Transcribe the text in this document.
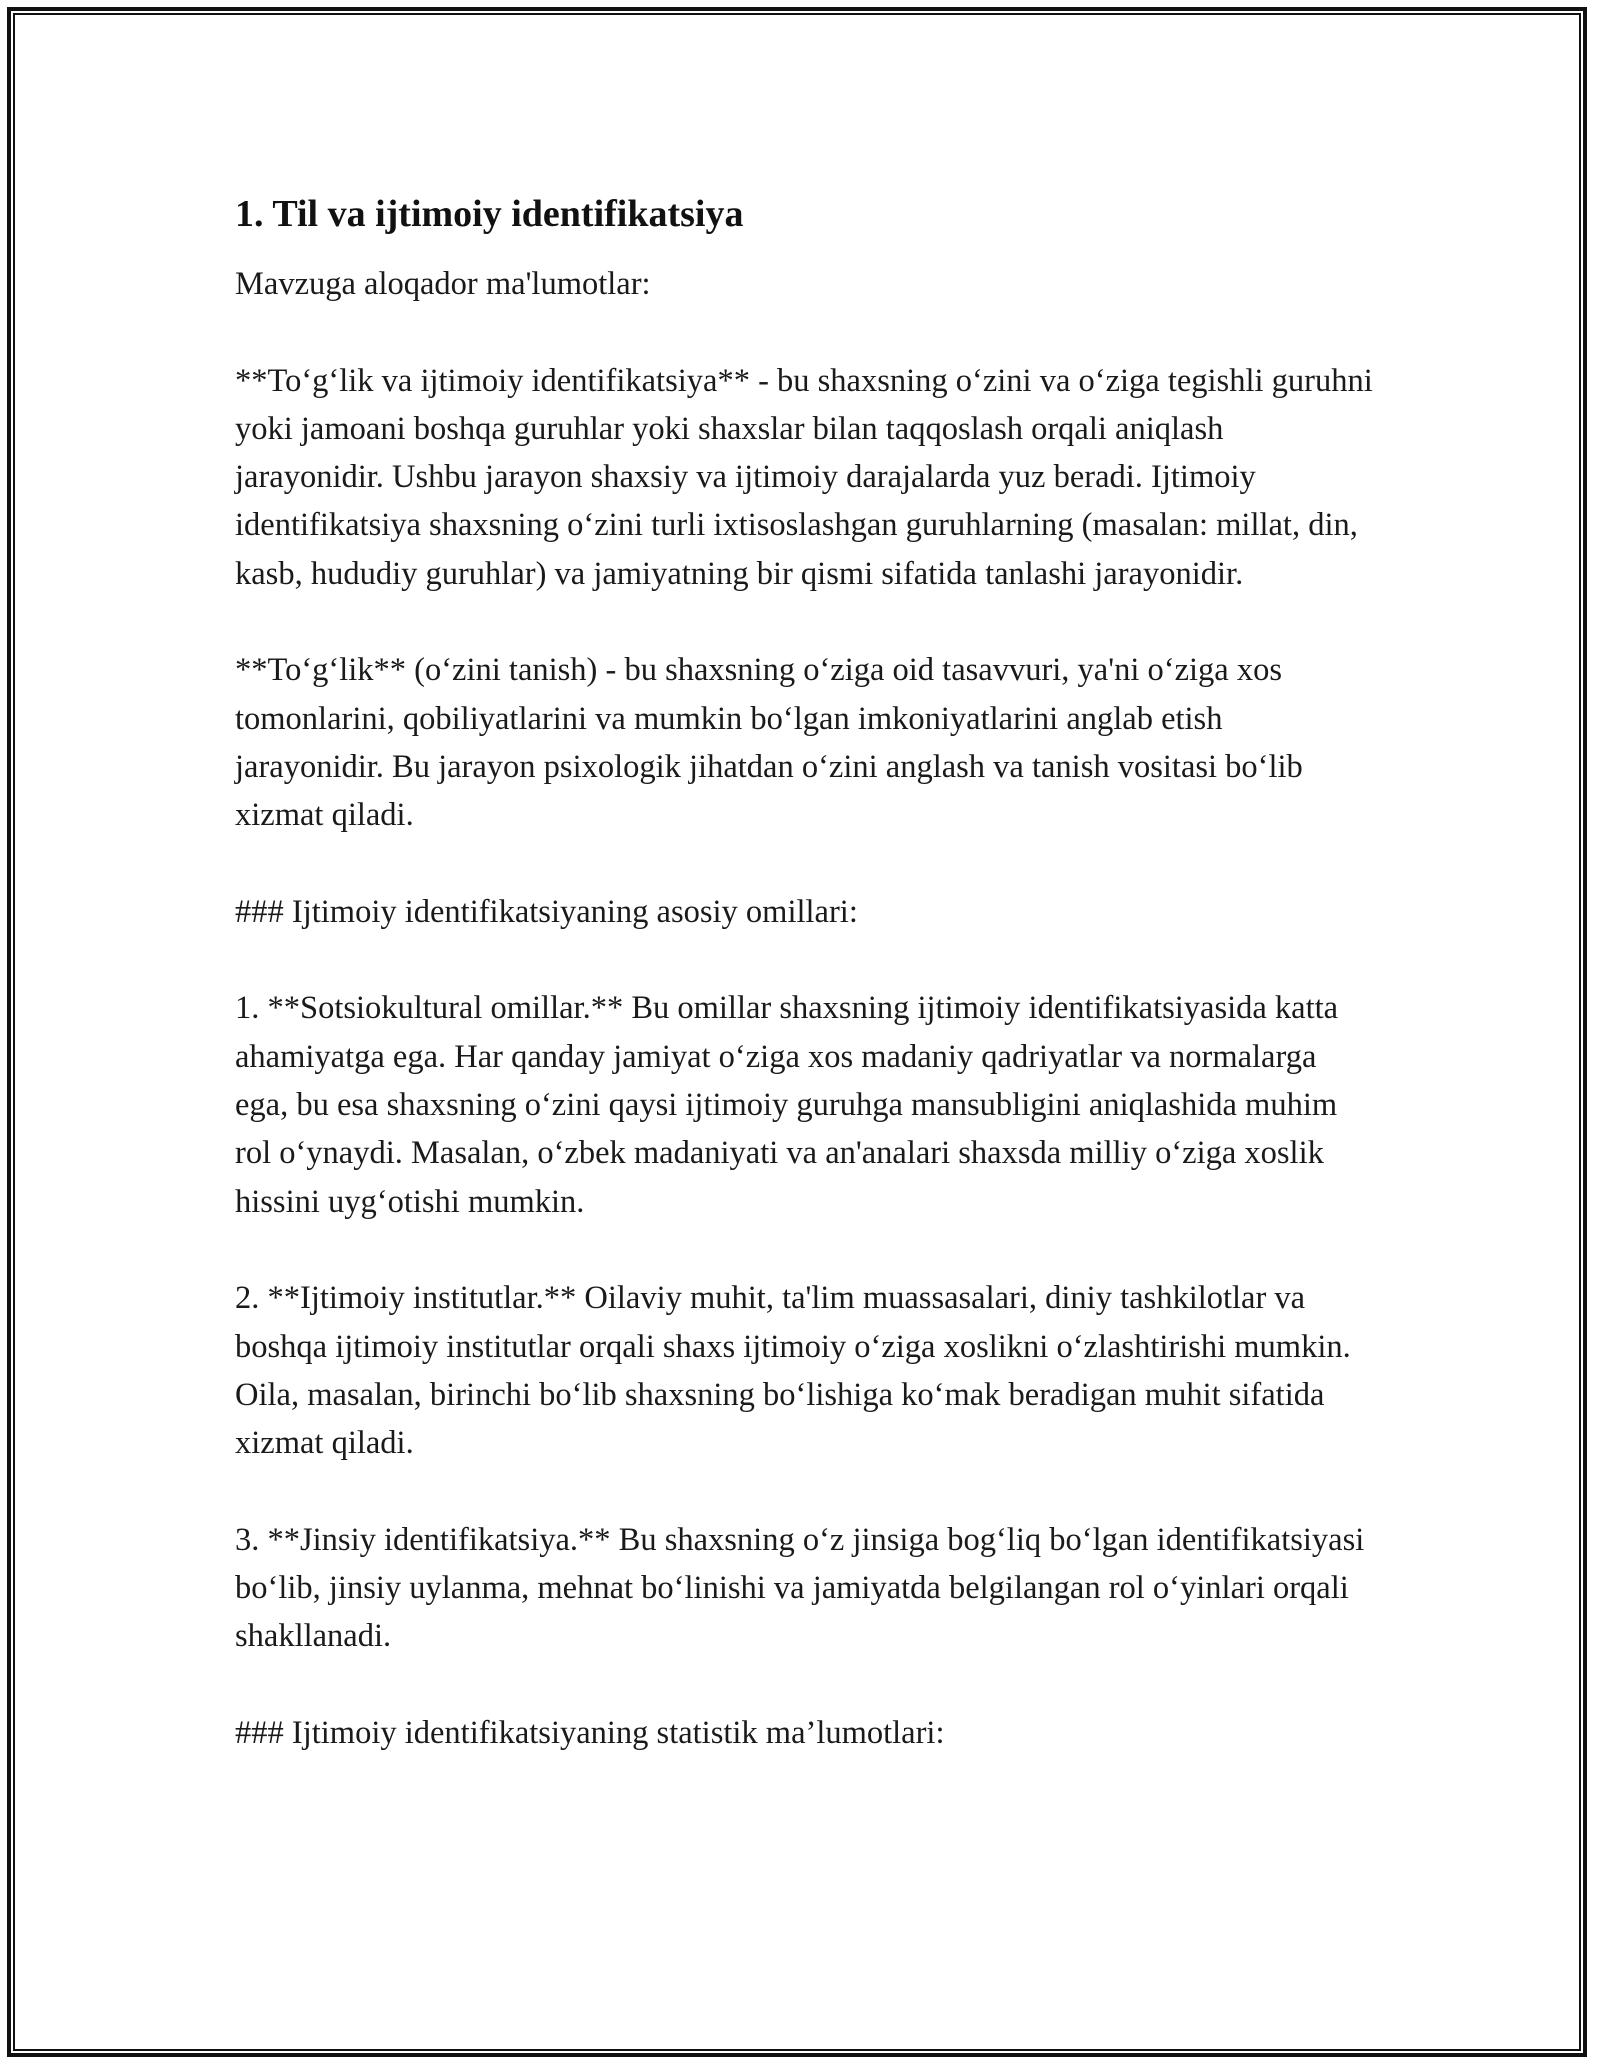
1. Til va ijtimoiy identifikatsiya

Mavzuga aloqador ma'lumotlar:

**To‘g‘lik va ijtimoiy identifikatsiya** - bu shaxsning o‘zini va o‘ziga tegishli guruhni yoki jamoani boshqa guruhlar yoki shaxslar bilan taqqoslash orqali aniqlash jarayonidir. Ushbu jarayon shaxsiy va ijtimoiy darajalarda yuz beradi. Ijtimoiy identifikatsiya shaxsning o‘zini turli ixtisoslashgan guruhlarning (masalan: millat, din, kasb, hududiy guruhlar) va jamiyatning bir qismi sifatida tanlashi jarayonidir.

**To‘g‘lik** (o‘zini tanish) - bu shaxsning o‘ziga oid tasavvuri, ya'ni o‘ziga xos tomonlarini, qobiliyatlarini va mumkin bo‘lgan imkoniyatlarini anglab etish jarayonidir. Bu jarayon psixologik jihatdan o‘zini anglash va tanish vositasi bo‘lib xizmat qiladi.

### Ijtimoiy identifikatsiyaning asosiy omillari:

1. **Sotsiokultural omillar.** Bu omillar shaxsning ijtimoiy identifikatsiyasida katta ahamiyatga ega. Har qanday jamiyat o‘ziga xos madaniy qadriyatlar va normalarga ega, bu esa shaxsning o‘zini qaysi ijtimoiy guruhga mansubligini aniqlashida muhim rol o‘ynaydi. Masalan, o‘zbek madaniyati va an'analari shaxsda milliy o‘ziga xoslik hissini uyg‘otishi mumkin.

2. **Ijtimoiy institutlar.** Oilaviy muhit, ta'lim muassasalari, diniy tashkilotlar va boshqa ijtimoiy institutlar orqali shaxs ijtimoiy o‘ziga xoslikni o‘zlashtirishi mumkin. Oila, masalan, birinchi bo‘lib shaxsning bo‘lishiga ko‘mak beradigan muhit sifatida xizmat qiladi.

3. **Jinsiy identifikatsiya.** Bu shaxsning o‘z jinsiga bog‘liq bo‘lgan identifikatsiyasi bo‘lib, jinsiy uylanma, mehnat bo‘linishi va jamiyatda belgilangan rol o‘yinlari orqali shakllanadi.

### Ijtimoiy identifikatsiyaning statistik ma’lumotlari:
